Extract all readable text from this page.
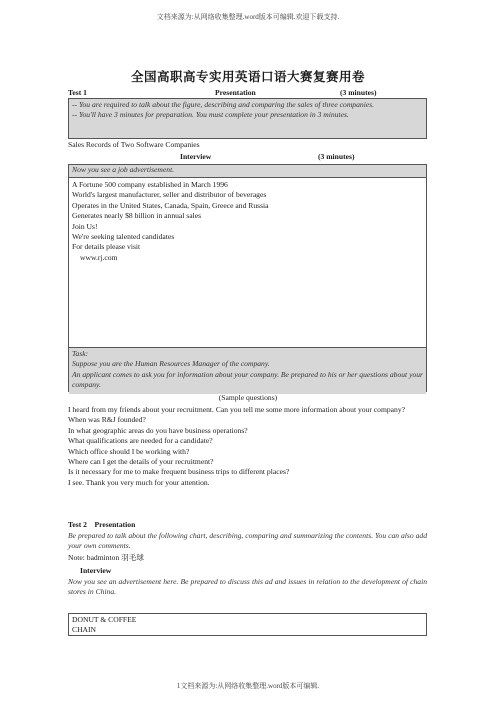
文档来源为:从网络收集整理.word版本可编辑.欢迎下载支持.
1文档来源为:从网络收集整理.word版本可编辑.
全国高职高专实用英语口语大赛复赛用卷
Test 1	Presentation	(3 minutes)
-- You are required to talk about the figure, describing and comparing the sales of three companies.
-- You'll have 3 minutes for preparation. You must complete your presentation in 3 minutes.
Sales Records of Two Software Companies
Interview	(3 minutes)
Now you see a job advertisement.
A Fortune 500 company established in March 1996
World's largest manufacturer, seller and distributor of beverages
Operates in the United States, Canada, Spain, Greece and Russia
Generates nearly $8 billion in annual sales
Join Us!
We're seeking talented candidates
For details please visit
www.rj.com
Task:
Suppose you are the Human Resources Manager of the company.
An applicant comes to ask you for information about your company. Be prepared to his or her questions about your company.
(Sample questions)
I heard from my friends about your recruitment. Can you tell me some more information about your company?
When was R&J founded?
In what geographic areas do you have business operations?
What qualifications are needed for a candidate?
Which office should I be working with?
Where can I get the details of your recruitment?
Is it necessary for me to make frequent business trips to different places?
I see. Thank you very much for your attention.
Test 2 Presentation
Be prepared to talk about the following chart, describing, comparing and summarizing the contents. You can also add your own comments.
Note: badminton 羽毛球
Interview
Now you see an advertisement here. Be prepared to discuss this ad and issues in relation to the development of chain stores in China.
DONUT & COFFEE
CHAIN
